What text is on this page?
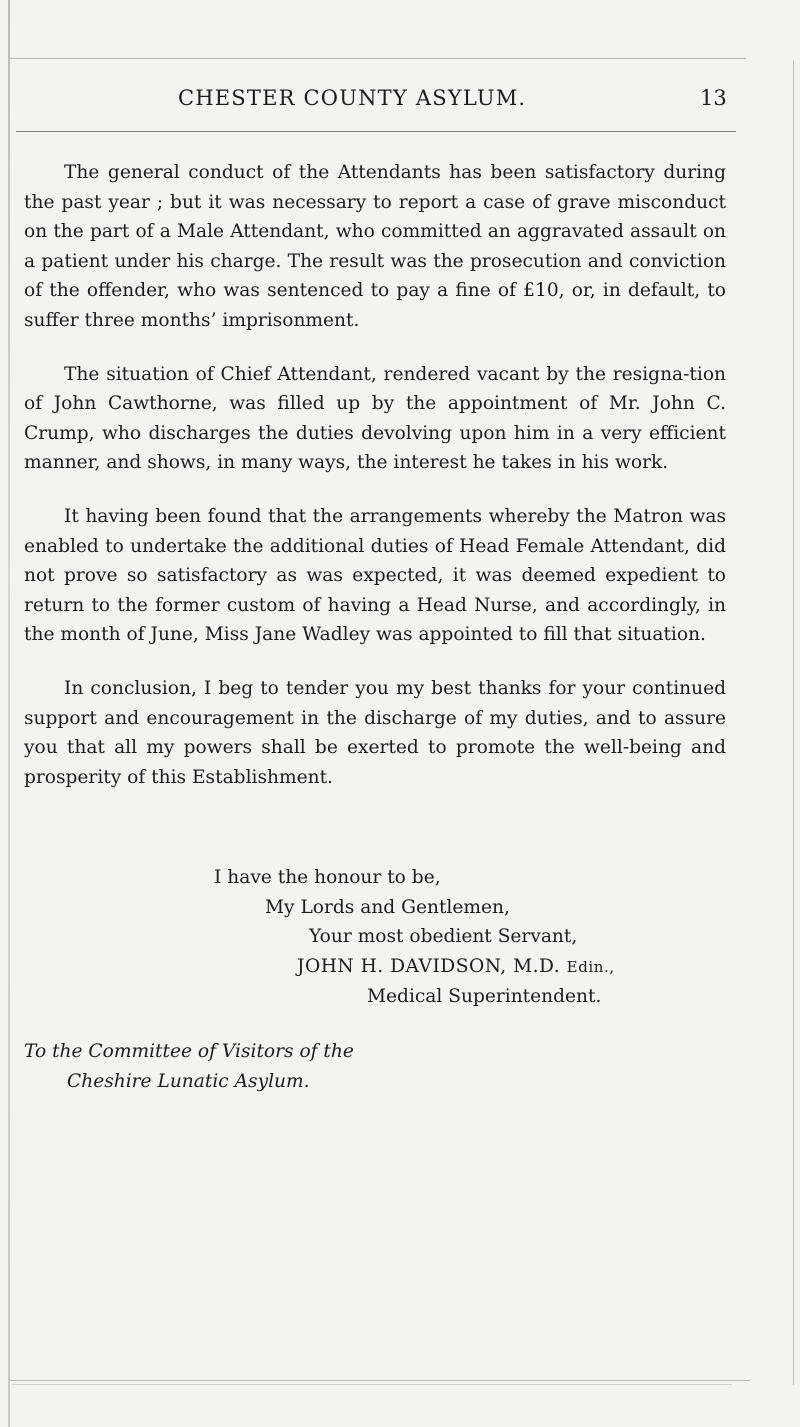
CHESTER COUNTY ASYLUM.	13

The general conduct of the Attendants has been satisfactory during the past year ; but it was necessary to report a case of grave misconduct on the part of a Male Attendant, who committed an aggravated assault on a patient under his charge. The result was the prosecution and conviction of the offender, who was sentenced to pay a fine of £10, or, in default, to suffer three months’ imprisonment.

The situation of Chief Attendant, rendered vacant by the resigna-tion of John Cawthorne, was filled up by the appointment of Mr. John C. Crump, who discharges the duties devolving upon him in a very efficient manner, and shows, in many ways, the interest he takes in his work.

It having been found that the arrangements whereby the Matron was enabled to undertake the additional duties of Head Female Attendant, did not prove so satisfactory as was expected, it was deemed expedient to return to the former custom of having a Head Nurse, and accordingly, in the month of June, Miss Jane Wadley was appointed to fill that situation.

In conclusion, I beg to tender you my best thanks for your continued support and encouragement in the discharge of my duties, and to assure you that all my powers shall be exerted to promote the well-being and prosperity of this Establishment.

I have the honour to be,
My Lords and Gentlemen,
Your most obedient Servant,
JOHN H. DAVIDSON, M.D. Edin.,
Medical Superintendent.
To the Committee of Visitors of the
Cheshire Lunatic Asylum.
